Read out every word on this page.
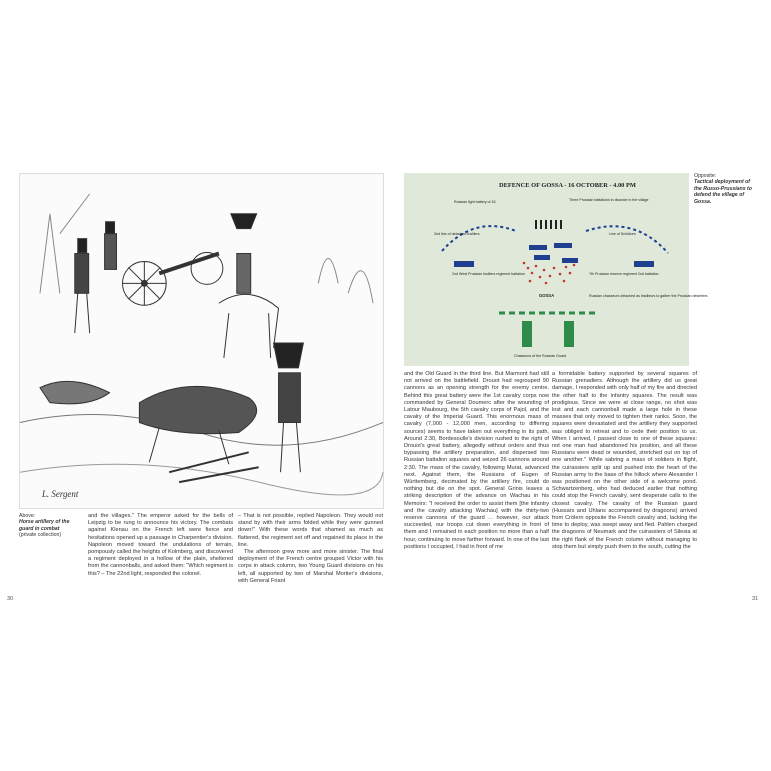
L. Sergent
Above:
Horse artillery of the guard in combat
(private collection)

and the villages." The emperor asked for the bells of Leipzig to be rung to announce his victory. The combats against Klenau on the French left were fierce and hesitations opened up a passage in Charpentier's division. Napoleon moved toward the undulations of terrain, pompously called the heights of Kolmberg, and discovered a regiment deployed in a hollow of the plain, sheltered from the cannonballs, and asked them: "Which regiment is this? – The 22nd light, responded the colonel.

– That is not possible, replied Napoleon. They would not stand by with their arms folded while they were gunned down!" With these words that shamed as much as flattered, the regiment set off and regained its place in the line.

The afternoon grew more and more sinister. The final deployment of the French centre grouped Victor with his corps in attack column, two Young Guard divisions on his left, all supported by two of Marshal Mortier's divisions, with General Friant

30
DEFENCE OF GOSSA - 16 OCTOBER - 4.00 PM
Russian light battery of 16	Three Prussian battalions in disorder in the village
2nd line of detached fusiliers	Line of Schützen
2nd West Prussian fusiliers regiment battalion	7th Prussian reserve regiment 2nd battalion
GOSSA	Russian chasseurs detached as tirailleurs to gather the Prussian deserters
Chasseurs of the Russian Guard
Opposite:
Tactical deployment of the Russo-Prussians to defend the village of Gossa.

and the Old Guard in the third line. But Marmont had still not arrived on the battlefield. Drouot had regrouped 90 cannons as an opening strength for the enemy centre. Behind this great battery were the 1st cavalry corps now commanded by General Doumerc after the wounding of Latour Maubourg, the 5th cavalry corps of Pajol, and the cavalry of the Imperial Guard. This enormous mass of cavalry (7,000 - 12,000 men, according to differing sources) seems to have taken out everything in its path. Around 2:30, Bordesoulle's division rushed to the right of Drouot's great battery, allegedly without orders and thus bypassing the artillery preparation, and dispersed two Russian battalion squares and seized 26 cannons around 2:30. The mass of the cavalry, following Murat, advanced next. Against them, the Russians of Eugen of Württemberg, decimated by the artillery fire, could do nothing but die on the spot. General Grinis leaves a striking description of the advance on Wachau in his Memoirs: "I received the order to assist them [the infantry and the cavalry attacking Wachau] with the thirty-two reserve cannons of the guard ... however, our attack succeeded, our troops cut down everything in front of them and I remained in each position no more than a half hour, continuing to move farther forward. In one of the last positions I occupied, I had in front of me

a formidable battery supported by several squares of Russian grenadiers. Although the artillery did us great damage, I responded with only half of my fire and directed the other half to the infantry squares. The result was prodigious. Since we were at close range, no shot was lost and each cannonball made a large hole in these masses that only moved to tighten their ranks. Soon, the squares were devastated and the artillery they supported was obliged to retreat and to cede their position to us. When I arrived, I passed close to one of these squares: not one man had abandoned his position, and all these Russians were dead or wounded, stretched out on top of one another." While sabring a mass of soldiers in flight, the cuirassiers split up and pushed into the heart of the Russian army to the base of the hillock where Alexander I was positioned on the other side of a welcome pond. Schwartzenberg, who had deduced earlier that nothing could stop the French cavalry, sent desperate calls to the closest cavalry. The cavalry of the Russian guard (Hussars and Uhlans accompanied by dragoons) arrived from Crölern opposite the French cavalry and, lacking the time to deploy, was swept away and fled. Pahlen charged the dragoons of Neumark and the cuirassiers of Silesia at the right flank of the French column without managing to stop them but simply push them to the south, cutting the

31
